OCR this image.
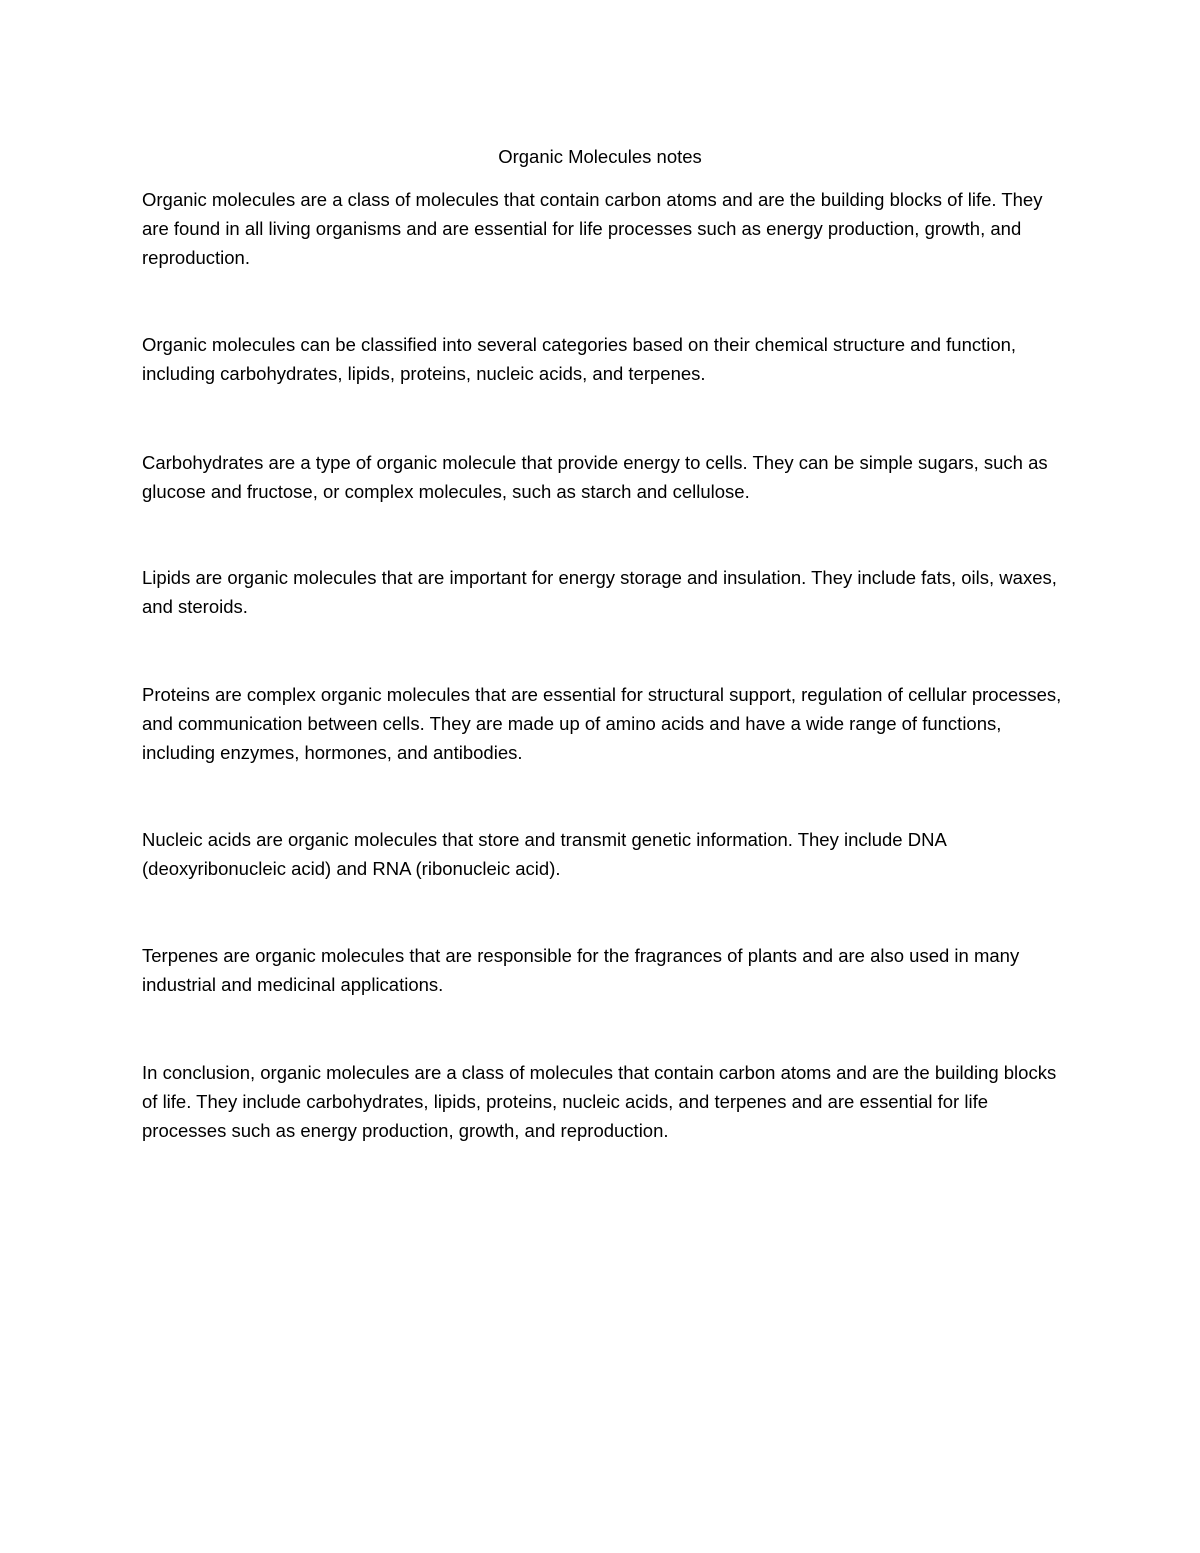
Organic Molecules notes

Organic molecules are a class of molecules that contain carbon atoms and are the building blocks of life. They are found in all living organisms and are essential for life processes such as energy production, growth, and reproduction.

Organic molecules can be classified into several categories based on their chemical structure and function, including carbohydrates, lipids, proteins, nucleic acids, and terpenes.

Carbohydrates are a type of organic molecule that provide energy to cells. They can be simple sugars, such as glucose and fructose, or complex molecules, such as starch and cellulose.

Lipids are organic molecules that are important for energy storage and insulation. They include fats, oils, waxes, and steroids.

Proteins are complex organic molecules that are essential for structural support, regulation of cellular processes, and communication between cells. They are made up of amino acids and have a wide range of functions, including enzymes, hormones, and antibodies.

Nucleic acids are organic molecules that store and transmit genetic information. They include DNA (deoxyribonucleic acid) and RNA (ribonucleic acid).

Terpenes are organic molecules that are responsible for the fragrances of plants and are also used in many industrial and medicinal applications.

In conclusion, organic molecules are a class of molecules that contain carbon atoms and are the building blocks of life. They include carbohydrates, lipids, proteins, nucleic acids, and terpenes and are essential for life processes such as energy production, growth, and reproduction.
